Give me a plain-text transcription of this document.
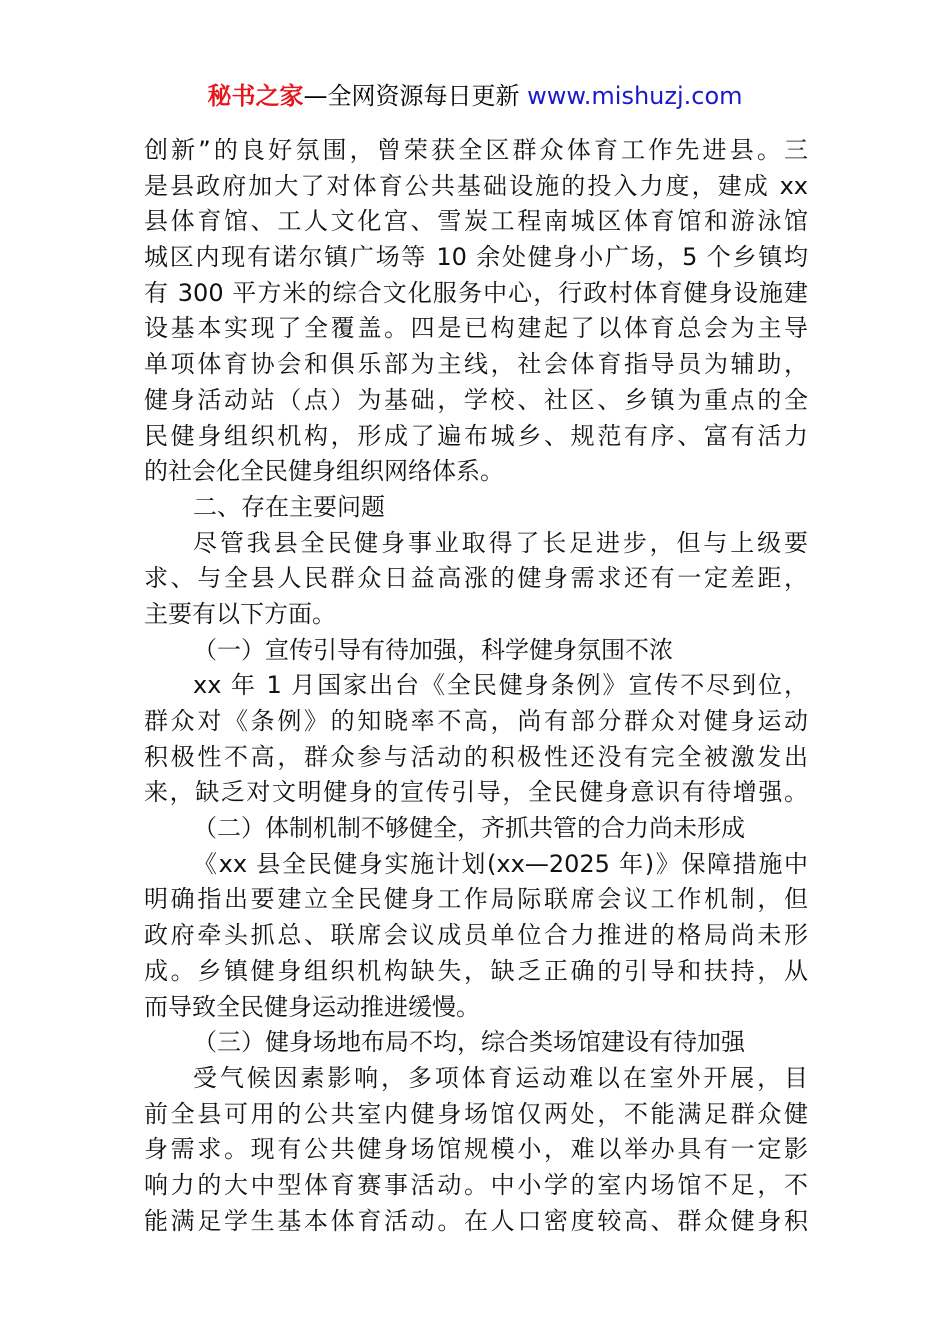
秘书之家—全网资源每日更新 www.mishuzj.com
创新”的良好氛围，曾荣获全区群众体育工作先进县。三
是县政府加大了对体育公共基础设施的投入力度，建成 xx
县体育馆、工人文化宫、雪炭工程南城区体育馆和游泳馆
城区内现有诺尔镇广场等 10 余处健身小广场，5 个乡镇均
有 300 平方米的综合文化服务中心，行政村体育健身设施建
设基本实现了全覆盖。四是已构建起了以体育总会为主导
单项体育协会和俱乐部为主线，社会体育指导员为辅助，
健身活动站（点）为基础，学校、社区、乡镇为重点的全
民健身组织机构，形成了遍布城乡、规范有序、富有活力
的社会化全民健身组织网络体系。
二、存在主要问题
尽管我县全民健身事业取得了长足进步，但与上级要
求、与全县人民群众日益高涨的健身需求还有一定差距，
主要有以下方面。
（一）宣传引导有待加强，科学健身氛围不浓
xx 年 1 月国家出台《全民健身条例》宣传不尽到位，
群众对《条例》的知晓率不高，尚有部分群众对健身运动
积极性不高，群众参与活动的积极性还没有完全被激发出
来，缺乏对文明健身的宣传引导，全民健身意识有待增强。
（二）体制机制不够健全，齐抓共管的合力尚未形成
《xx 县全民健身实施计划(xx—2025 年)》保障措施中
明确指出要建立全民健身工作局际联席会议工作机制，但
政府牵头抓总、联席会议成员单位合力推进的格局尚未形
成。乡镇健身组织机构缺失，缺乏正确的引导和扶持，从
而导致全民健身运动推进缓慢。
（三）健身场地布局不均，综合类场馆建设有待加强
受气候因素影响，多项体育运动难以在室外开展，目
前全县可用的公共室内健身场馆仅两处，不能满足群众健
身需求。现有公共健身场馆规模小，难以举办具有一定影
响力的大中型体育赛事活动。中小学的室内场馆不足，不
能满足学生基本体育活动。在人口密度较高、群众健身积
